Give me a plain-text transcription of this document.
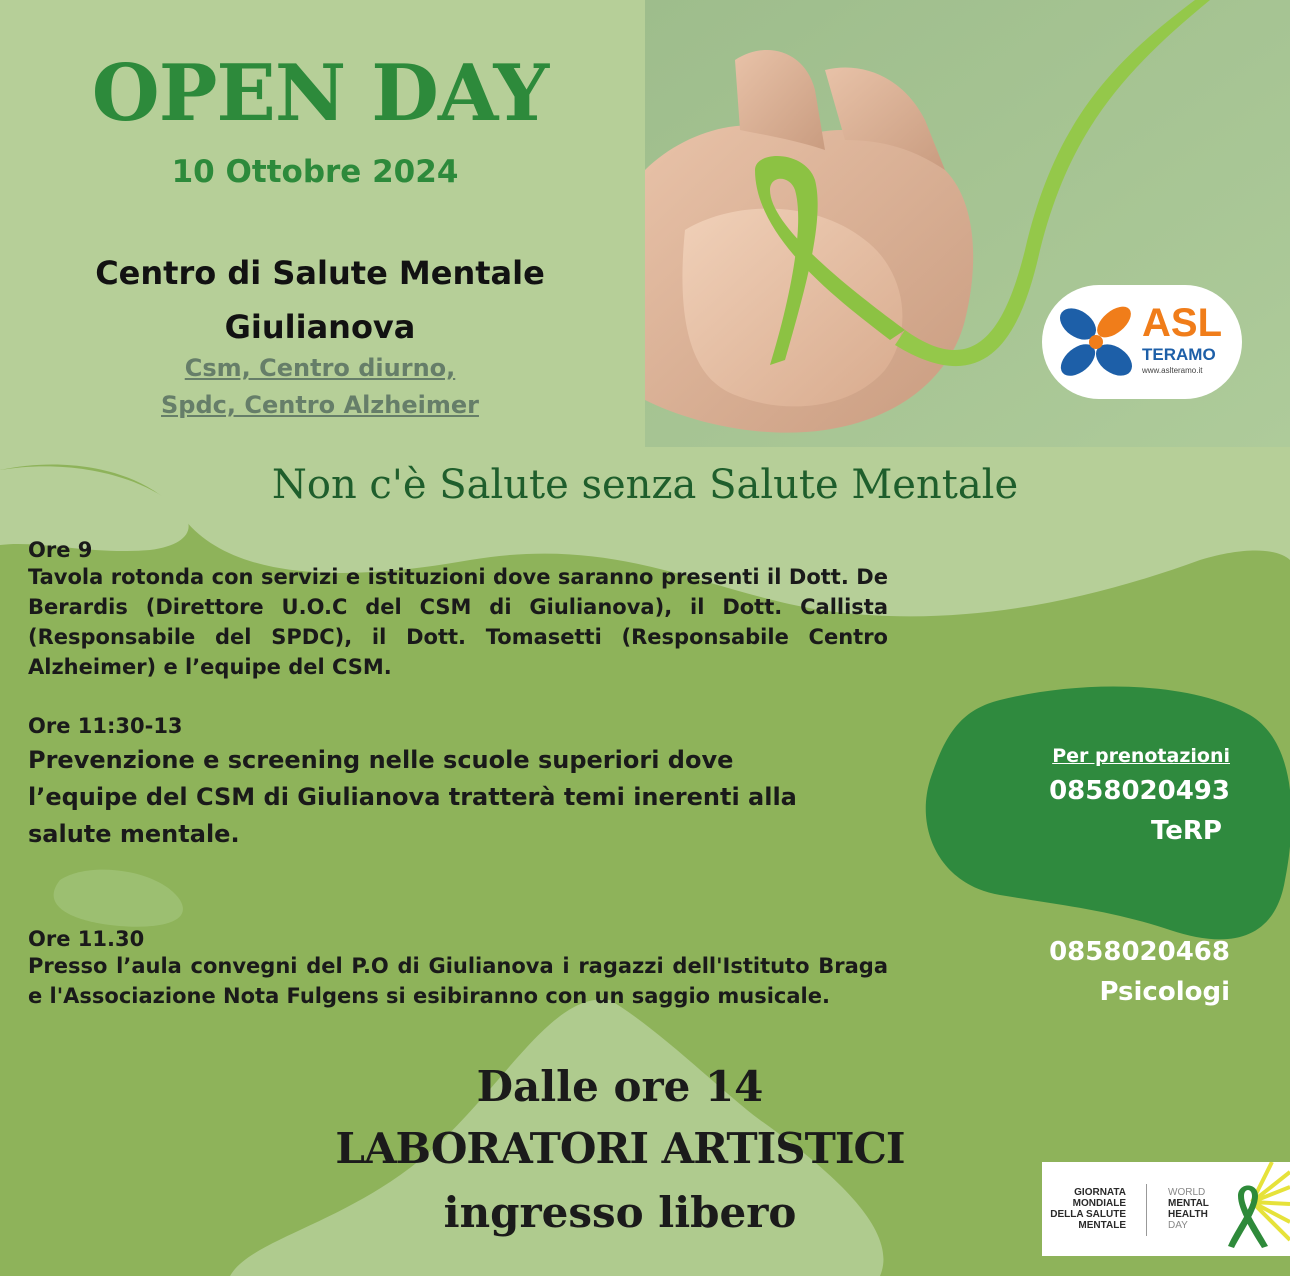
OPEN DAY
10 Ottobre 2024
Centro di Salute Mentale
Giulianova
Csm, Centro diurno,
Spdc, Centro Alzheimer
ASL
TERAMO
www.aslteramo.it
Non c'è Salute senza Salute Mentale
Ore 9
Tavola rotonda con servizi e istituzioni dove saranno presenti il Dott. De Berardis (Direttore U.O.C del CSM di Giulianova), il Dott. Callista (Responsabile del SPDC), il Dott. Tomasetti (Responsabile Centro Alzheimer) e l’equipe del CSM.
Ore 11:30-13
Prevenzione e screening nelle scuole superiori dove l’equipe del CSM di Giulianova tratterà temi inerenti alla salute mentale.
Ore 11.30
Presso l’aula convegni del P.O di Giulianova i ragazzi dell'Istituto Braga e l'Associazione Nota Fulgens si esibiranno con un saggio musicale.
Per prenotazioni
0858020493
TeRP
0858020468
Psicologi
Dalle ore 14
LABORATORI ARTISTICI
ingresso libero	GIORNATA
MONDIALE
DELLA SALUTE
MENTALE
WORLD
MENTAL
HEALTH
DAY
